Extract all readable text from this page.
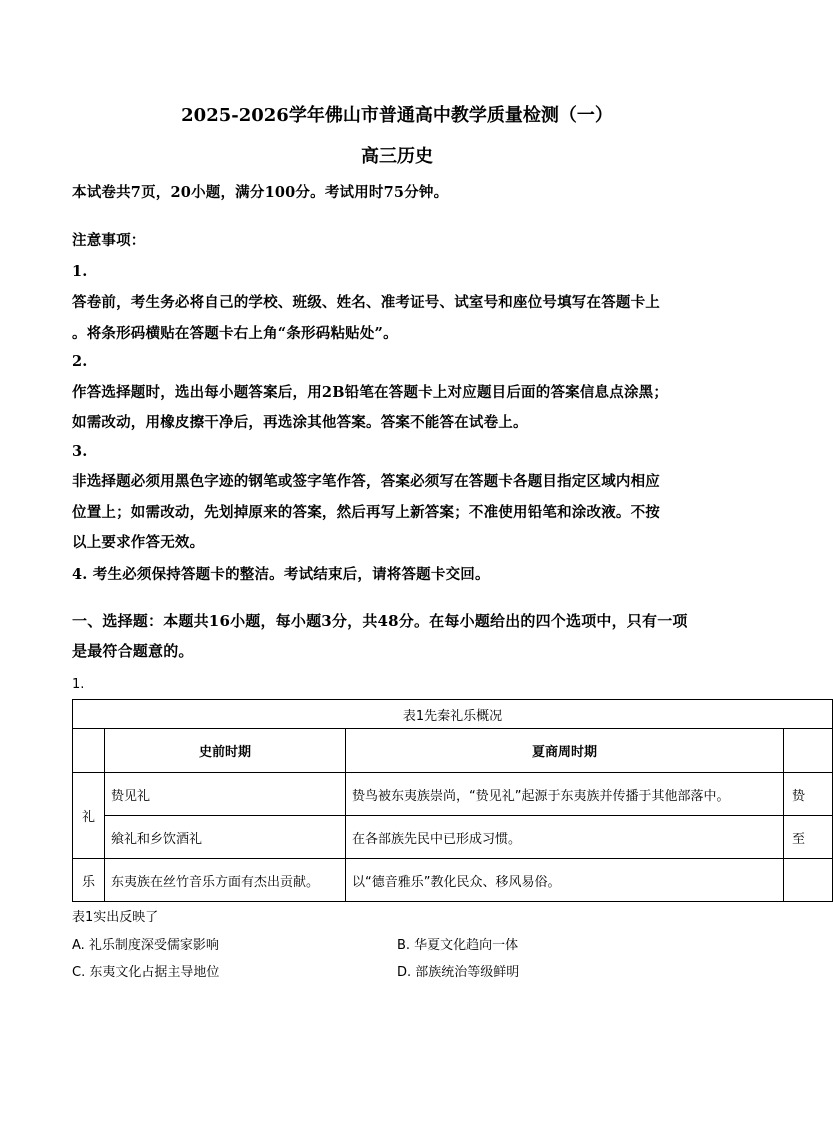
2025-2026学年佛山市普通高中教学质量检测（一）
高三历史

本试卷共7页，20小题，满分100分。考试用时75分钟。

注意事项：

1.

答卷前，考生务必将自己的学校、班级、姓名、准考证号、试室号和座位号填写在答题卡上

。将条形码横贴在答题卡右上角“条形码粘贴处”。

2.

作答选择题时，选出每小题答案后，用2B铅笔在答题卡上对应题目后面的答案信息点涂黑；

如需改动，用橡皮擦干净后，再选涂其他答案。答案不能答在试卷上。

3.

非选择题必须用黑色字迹的钢笔或签字笔作答，答案必须写在答题卡各题目指定区域内相应

位置上；如需改动，先划掉原来的答案，然后再写上新答案；不准使用铅笔和涂改液。不按

以上要求作答无效。

4. 考生必须保持答题卡的整洁。考试结束后，请将答题卡交回。

一、选择题：本题共16小题，每小题3分，共48分。在每小题给出的四个选项中，只有一项

是最符合题意的。

1.

表1先秦礼乐概况			
	史前时期	夏商周时期	
礼	贽见礼	贽鸟被东夷族崇尚，“贽见礼”起源于东夷族并传播于其他部落中。	贽
	飨礼和乡饮酒礼	在各部族先民中已形成习惯。	至
乐	东夷族在丝竹音乐方面有杰出贡献。	以“德音雅乐”教化民众、移风易俗。	

表1实出反映了

A. 礼乐制度深受儒家影响	B. 华夏文化趋向一体

C. 东夷文化占据主导地位	D. 部族统治等级鲜明
